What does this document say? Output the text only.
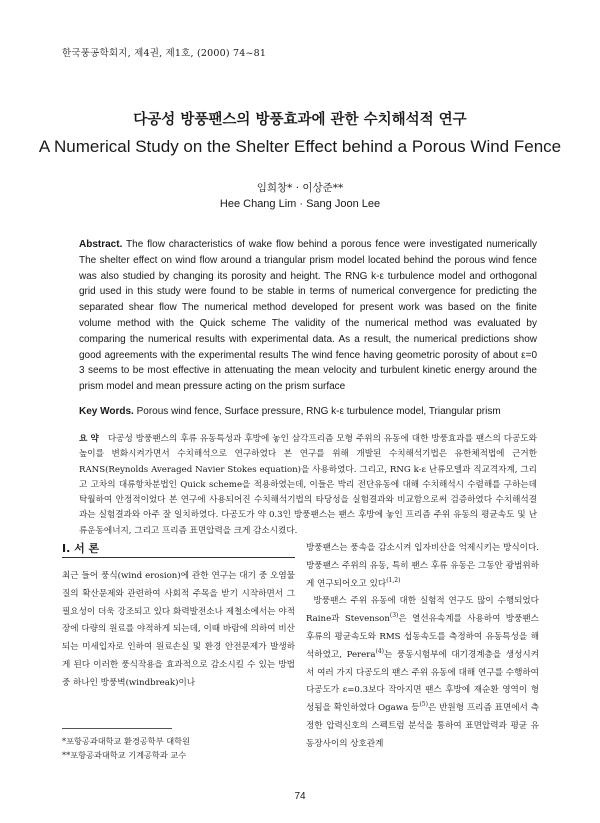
한국풍공학회지, 제4권, 제1호, (2000) 74~81
다공성 방풍팬스의 방풍효과에 관한 수치해석적 연구
A Numerical Study on the Shelter Effect behind a Porous Wind Fence
임희창* · 이상준**
Hee Chang Lim · Sang Joon Lee
Abstract. The flow characteristics of wake flow behind a porous fence were investigated numerically The shelter effect on wind flow around a triangular prism model located behind the porous wind fence was also studied by changing its porosity and height. The RNG k-ε turbulence model and orthogonal grid used in this study were found to be stable in terms of numerical convergence for predicting the separated shear flow The numerical method developed for present work was based on the finite volume method with the Quick scheme The validity of the numerical method was evaluated by comparing the numerical results with experimental data. As a result, the numerical predictions show good agreements with the experimental results The wind fence having geometric porosity of about ε=0 3 seems to be most effective in attenuating the mean velocity and turbulent kinetic energy around the prism model and mean pressure acting on the prism surface
Key Words. Porous wind fence, Surface pressure, RNG k-ε turbulence model, Triangular prism
요 약 다공성 방풍팬스의 후류 유동특성과 후방에 놓인 삼각프리즘 모형 주위의 유동에 대한 방풍효과를 팬스의 다공도와 높이를 변화시켜가면서 수치해석으로 연구하였다 본 연구를 위해 개발된 수치해석기법은 유한체적법에 근거한 RANS(Reynolds Averaged Navier Stokes equation)을 사용하였다. 그리고, RNG k-ε 난류모델과 직교격자계, 그리고 고차의 대류항차분법인 Quick scheme을 적용하였는데, 이들은 박리 전단유동에 대해 수치해석시 수렴해를 구하는데 탁월하여 안정적이었다 본 연구에 사용되어진 수치해석기법의 타당성을 실험결과와 비교함으로써 검증하였다 수치해석결과는 실험결과와 아주 잘 일치하였다. 다공도가 약 0.3인 방풍팬스는 팬스 후방에 놓인 프리즘 주위 유동의 평균속도 및 난류운동에너지, 그리고 프리즘 표면압력을 크게 감소시켰다.
I. 서 론
최근 들어 풍식(wind erosion)에 관한 연구는 대기 중 오염물질의 확산문제와 관련하여 사회적 주목을 받기 시작하면서 그 필요성이 더욱 강조되고 있다 화력발전소나 제철소에서는 야적장에 다량의 원료를 야적하게 되는데, 이때 바람에 의하여 비산되는 미세입자로 인하여 원료손실 및 환경 안전문제가 발생하게 된다 이러한 풍식작용을 효과적으로 감소시킬 수 있는 방법 중 하나인 방풍벽(windbreak)이나
방풍팬스는 풍속을 감소시켜 입자비산을 억제시키는 방식이다. 방풍팬스 주위의 유동, 특히 팬스 후류 유동은 그동안 광범위하게 연구되어오고 있다$^{(1,2)}$
방풍팬스 주위 유동에 대한 실험적 연구도 많이 수행되었다 Raine과 Stevenson$^{(3)}$은 열선유속계를 사용하여 방풍팬스 후류의 평균속도와 RMS 섭동속도를 측정하여 유동특성을 해석하였고, Perera$^{(4)}$는 풍동시험부에 대기경계층을 생성시켜서 여러 가지 다공도의 팬스 주위 유동에 대해 연구를 수행하여 다공도가 ε=0.3보다 작아지면 팬스 후방에 재순환 영역이 형성됨을 확인하였다 Ogawa 등$^{(5)}$은 반원형 프리즘 표면에서 측정한 압력신호의 스펙트럼 분석을 통하여 표면압력과 평균 유동장사이의 상호관계
*포항공과대학교 환경공학부 대학원
**포항공과대학교 기계공학과 교수
74
